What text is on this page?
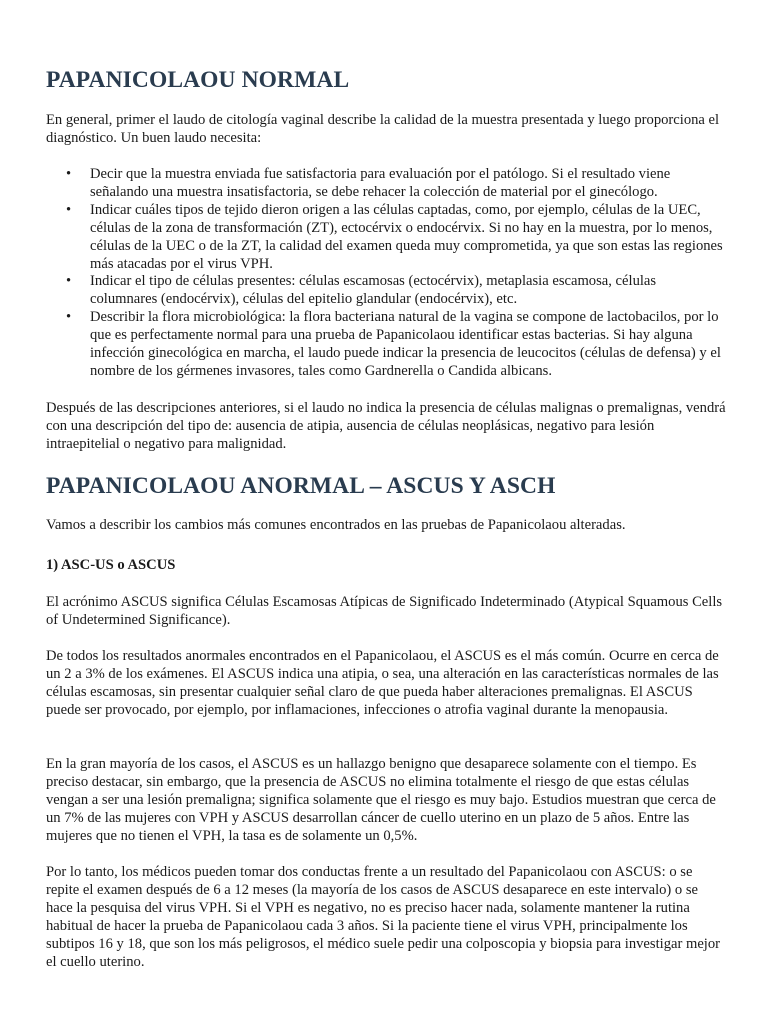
PAPANICOLAOU NORMAL

En general, primer el laudo de citología vaginal describe la calidad de la muestra presentada y luego proporciona el diagnóstico. Un buen laudo necesita:

• Decir que la muestra enviada fue satisfactoria para evaluación por el patólogo. Si el resultado viene señalando una muestra insatisfactoria, se debe rehacer la colección de material por el ginecólogo.
• Indicar cuáles tipos de tejido dieron origen a las células captadas, como, por ejemplo, células de la UEC, células de la zona de transformación (ZT), ectocérvix o endocérvix. Si no hay en la muestra, por lo menos, células de la UEC o de la ZT, la calidad del examen queda muy comprometida, ya que son estas las regiones más atacadas por el virus VPH.
• Indicar el tipo de células presentes: células escamosas (ectocérvix), metaplasia escamosa, células columnares (endocérvix), células del epitelio glandular (endocérvix), etc.
• Describir la flora microbiológica: la flora bacteriana natural de la vagina se compone de lactobacilos, por lo que es perfectamente normal para una prueba de Papanicolaou identificar estas bacterias. Si hay alguna infección ginecológica en marcha, el laudo puede indicar la presencia de leucocitos (células de defensa) y el nombre de los gérmenes invasores, tales como Gardnerella o Candida albicans.

Después de las descripciones anteriores, si el laudo no indica la presencia de células malignas o premalignas, vendrá con una descripción del tipo de: ausencia de atipia, ausencia de células neoplásicas, negativo para lesión intraepitelial o negativo para malignidad.

PAPANICOLAOU ANORMAL – ASCUS Y ASCH

Vamos a describir los cambios más comunes encontrados en las pruebas de Papanicolaou alteradas.

1) ASC-US o ASCUS

El acrónimo ASCUS significa Células Escamosas Atípicas de Significado Indeterminado (Atypical Squamous Cells of Undetermined Significance).

De todos los resultados anormales encontrados en el Papanicolaou, el ASCUS es el más común. Ocurre en cerca de un 2 a 3% de los exámenes. El ASCUS indica una atipia, o sea, una alteración en las características normales de las células escamosas, sin presentar cualquier señal claro de que pueda haber alteraciones premalignas. El ASCUS puede ser provocado, por ejemplo, por inflamaciones, infecciones o atrofia vaginal durante la menopausia.

En la gran mayoría de los casos, el ASCUS es un hallazgo benigno que desaparece solamente con el tiempo. Es preciso destacar, sin embargo, que la presencia de ASCUS no elimina totalmente el riesgo de que estas células vengan a ser una lesión premaligna; significa solamente que el riesgo es muy bajo. Estudios muestran que cerca de un 7% de las mujeres con VPH y ASCUS desarrollan cáncer de cuello uterino en un plazo de 5 años. Entre las mujeres que no tienen el VPH, la tasa es de solamente un 0,5%.

Por lo tanto, los médicos pueden tomar dos conductas frente a un resultado del Papanicolaou con ASCUS: o se repite el examen después de 6 a 12 meses (la mayoría de los casos de ASCUS desaparece en este intervalo) o se hace la pesquisa del virus VPH. Si el VPH es negativo, no es preciso hacer nada, solamente mantener la rutina habitual de hacer la prueba de Papanicolaou cada 3 años. Si la paciente tiene el virus VPH, principalmente los subtipos 16 y 18, que son los más peligrosos, el médico suele pedir una colposcopia y biopsia para investigar mejor el cuello uterino.
